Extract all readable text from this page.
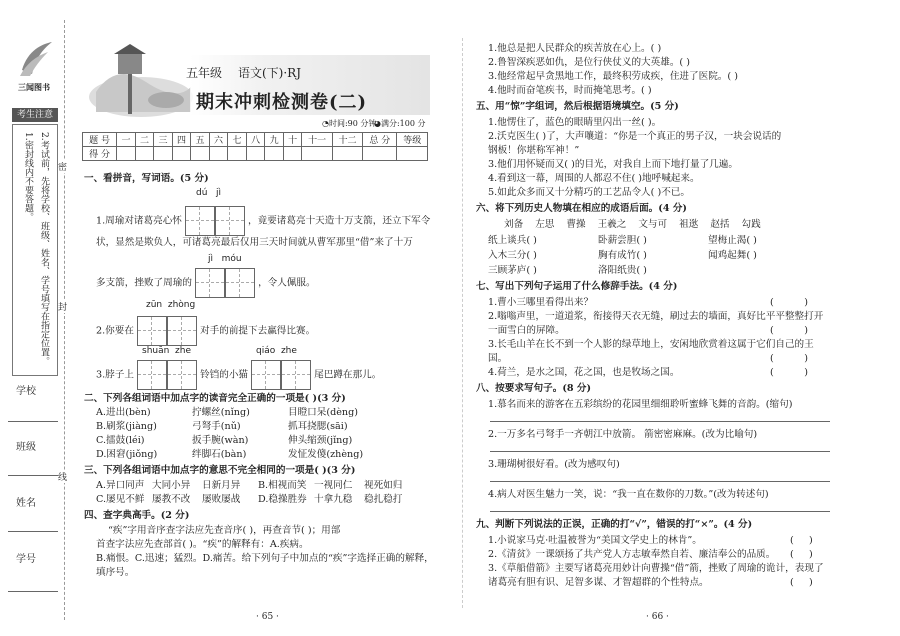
三闻图书
考生注意
1.密封线内不要答题。 2.考试前，先将学校、班级、姓名、学号填写在指定位置。 密
封
线
学校
班级
姓名
学号
五年级 语文(下)·RJ
期末冲刺检测卷(二)
◔时间:90 分钟
◕满分:100 分
题 号	一	二	三	四	五	六	七	八	九	十	十一	十二	总 分	等级
得 分														
一、看拼音，写词语。(5 分)
dú   jì
1.周瑜对诸葛亮心怀	，竟要诸葛亮十天造十万支箭，还立下军令
状，显然是欺负人，可诸葛亮最后仅用三天时间就从曹军那里“借”来了十万
jì   móu
多支箭，挫败了周瑜的	，令人佩服。
zūn  zhòng
2.你要在	对手的前提下去赢得比赛。
shuān  zhe	qiáo  zhe
3.脖子上	铃铛的小猫	尾巴蹲在那儿。
二、下列各组词语中加点字的读音完全正确的一项是( )(3 分)
A.进出(bèn)	拧螺丝(nǐng)	目瞪口呆(dèng)
B.刷浆(jiàng)	弓弩手(nǔ)	抓耳挠腮(sāi)
C.擂鼓(léi)	扳手腕(wàn)	伸头缩颈(jǐng)
D.困窘(jiǒng)	绊脚石(bàn)	发怔发傻(zhèng)
三、下列各组词语中加点字的意思不完全相同的一项是( )(3 分)
A.异口同声 大同小异 日新月异 B.相视而笑 一视同仁 视死如归
C.屡见不鲜 屡教不改 屡败屡战 D.稳操胜券 十拿九稳 稳扎稳打
四、查字典高手。(2 分)
“疾”字用音序查字法应先查音序( )，再查音节( )；用部
首查字法应先查部首( )。“疾”的解释有：A.疾病。
B.痛恨。C.迅速；猛烈。D.痛苦。给下列句子中加点的“疾”字选择正确的解释，
填序号。
· 65 ·
1.他总是把人民群众的疾苦放在心上。( )
2.鲁智深疾恶如仇，是位行侠仗义的大英雄。( )
3.他经常起早贪黑地工作，最终积劳成疾，住进了医院。( )
4.他时而奋笔疾书，时而掩笔思考。( )
五、用“惊”字组词，然后根据语境填空。(5 分)
1.他愣住了，蓝色的眼睛里闪出一丝( )。
2.沃克医生( )了，大声嚷道：“你是一个真正的男子汉，一块会说话的
钢板！你堪称军神！”
3.他们用怀疑而又( )的目光，对我自上而下地打量了几遍。
4.看到这一幕，周围的人都忍不住( )地呼喊起来。
5.如此众多而又十分精巧的工艺品令人( )不已。
六、将下列历史人物填在相应的成语后面。(4 分)
刘备 左思 曹操 王羲之 文与可 祖逖 赵括 勾践
纸上谈兵( )	卧薪尝胆( )	望梅止渴( )
入木三分( )	胸有成竹( )	闻鸡起舞( )
三顾茅庐( )	洛阳纸贵( )
七、写出下列句子运用了什么修辞手法。(4 分)
1.曹小三哪里看得出来？	(          )
2.嗡嗡声里，一道道浆，衔接得天衣无缝，刷过去的墙面，真好比平平整整打开
一面雪白的屏障。	(          )
3.长毛山羊在长不到一个人影的绿草地上，安闲地欣赏着这属于它们自己的王
国。	(          )
4.荷兰，是水之国，花之国，也是牧场之国。	(          )
八、按要求写句子。(8 分)
1.慕名而来的游客在五彩缤纷的花园里细细聆听蜜蜂飞舞的音韵。(缩句)
2.一万多名弓弩手一齐朝江中放箭。 箭密密麻麻。(改为比喻句)
3.珊瑚树很好看。(改为感叹句)
4.病人对医生魅力一笑，说：“我一直在数你的刀数。”(改为转述句)
九、判断下列说法的正误，正确的打“√”，错误的打“×”。(4 分)
1.小说家马克·吐温被誉为“美国文学史上的林肯”。	(     )
2.《清贫》一课颂扬了共产党人方志敏奉然自若、廉洁奉公的品质。 (     )
3.《草船借箭》主要写诸葛亮用妙计向曹操“借”箭，挫败了周瑜的诡计，表现了
诸葛亮有胆有识、足智多谋、才智超群的个性特点。	(     )
· 66 ·
